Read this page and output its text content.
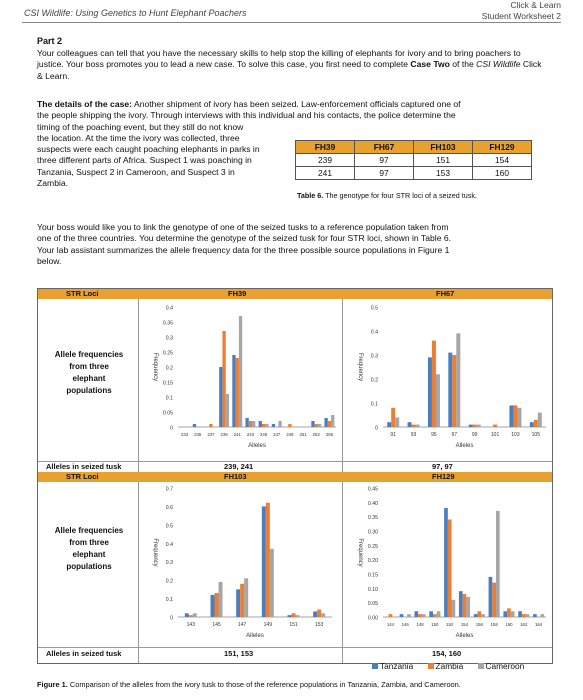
CSI Wildlife: Using Genetics to Hunt Elephant Poachers
Click & Learn
Student Worksheet 2
Part 2
Your colleagues can tell that you have the necessary skills to help stop the killing of elephants for ivory and to bring poachers to justice. Your boss promotes you to lead a new case. To solve this case, you first need to complete Case Two of the CSI Wildlife Click & Learn.
The details of the case: Another shipment of ivory has been seized. Law-enforcement officials captured one of
the people shipping the ivory. Through interviews with this individual and his contacts, the police determine the
timing of the poaching event, but they still do not know
the location. At the time the ivory was collected, three
suspects were each caught poaching elephants in parks in
three different parts of Africa. Suspect 1 was poaching in
Tanzania, Suspect 2 in Cameroon, and Suspect 3 in
Zambia.
FH39	FH67	FH103	FH129
239	97	151	154
241	97	153	160
Table 6. The genotype for four STR loci of a seized tusk.
Your boss would like you to link the genotype of one of the seized tusks to a reference population taken from
one of the three countries. You determine the genotype of the seized tusk for four STR loci, shown in Table 6.
Your lab assistant summarizes the allele frequency data for the three possible source populations in Figure 1
below.
STR Loci	FH39	FH67
Allele frequencies
from three
elephant
populations
0
0.05
0.1
0.15
0.2
0.25
0.3
0.35
0.4
Frequency
233 235 237 239 241 243 245 247 249 251 253 255
Alleles
0
0.1
0.2
0.3
0.4
0.5
Frequency
91	93	95	97	99	101 103 105
Alleles
Alleles in seized tusk	239, 241	97, 97
STR Loci	FH103	FH129
Allele frequencies
from three
elephant
populations
0
0.1
0.2
0.3
0.4
0.5
0.6
0.7
Frequency
143	145	147	149	151	153
Alleles
0.00
0.05
0.10
0.15
0.20
0.25
0.30
0.35
0.40
0.45
Frequency
144 146 148 150 152 154 156 158 160 162 164
Alleles
Alleles in seized tusk	151, 153	154, 160
Tanzania	Zambia	Cameroon
Figure 1. Comparison of the alleles from the ivory tusk to those of the reference populations in Tanzania, Zambia, and Cameroon.
